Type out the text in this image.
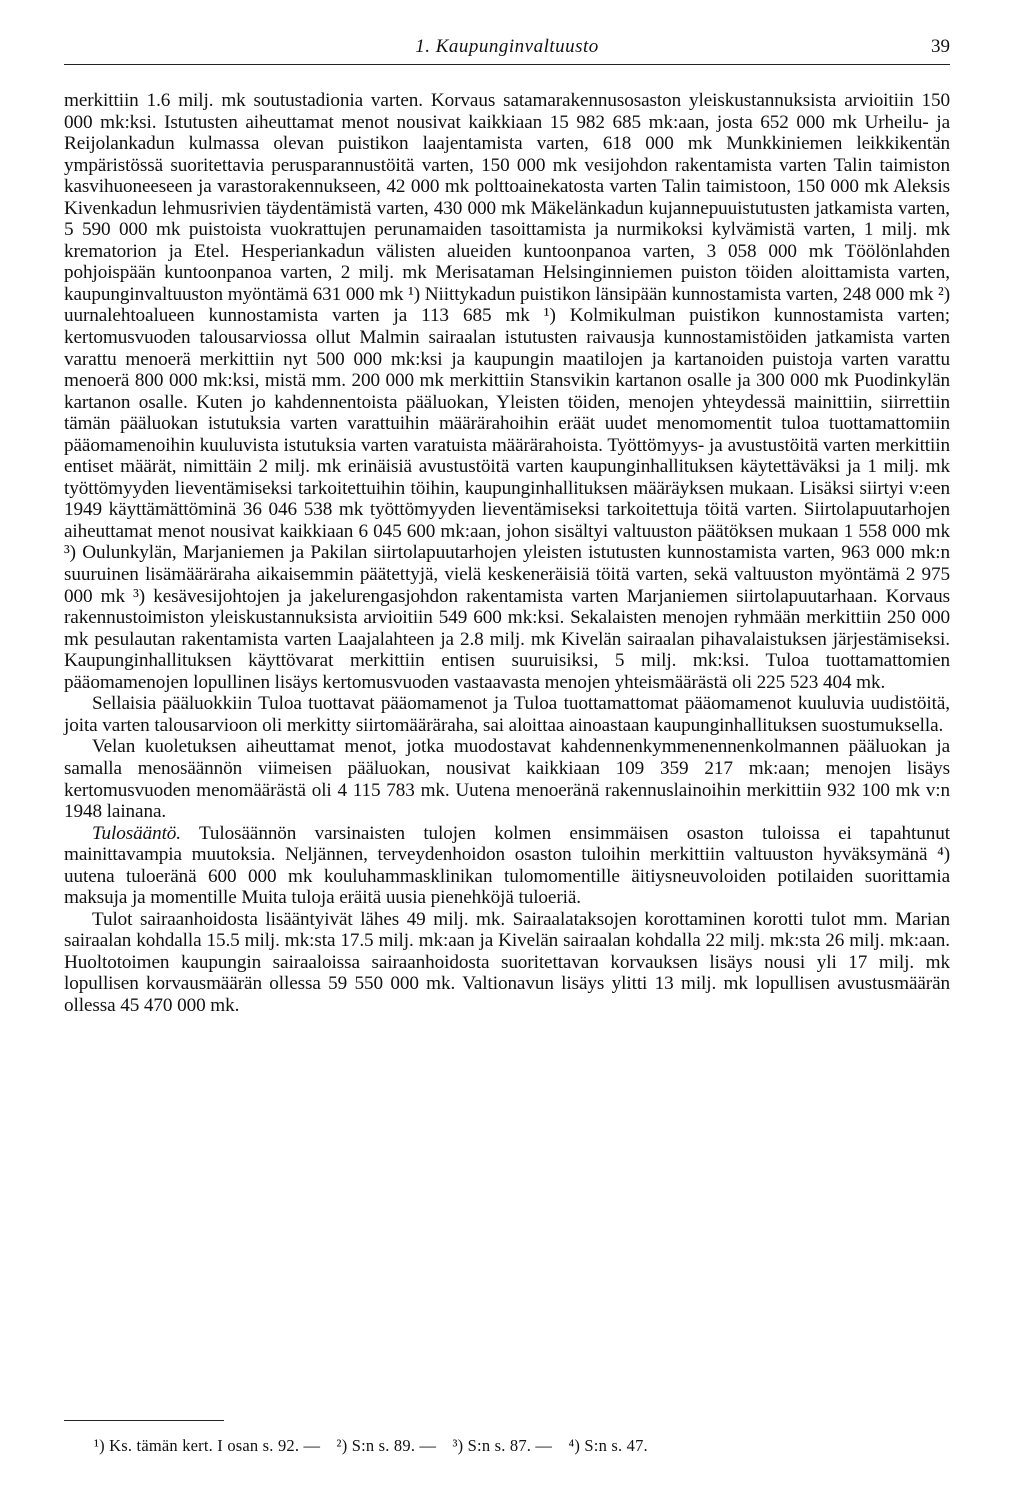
1. Kaupunginvaltuusto	39

merkittiin 1.6 milj. mk soutustadionia varten. Korvaus satamarakennusosaston yleiskustannuksista arvioitiin 150 000 mk:ksi. Istutusten aiheuttamat menot nousivat kaikkiaan 15 982 685 mk:aan, josta 652 000 mk Urheilu- ja Reijolankadun kulmassa olevan puistikon laajentamista varten, 618 000 mk Munkkiniemen leikkikentän ympäristössä suoritettavia perusparannustöitä varten, 150 000 mk vesijohdon rakentamista varten Talin taimiston kasvihuoneeseen ja varastorakennukseen, 42 000 mk polttoainekatosta varten Talin taimistoon, 150 000 mk Aleksis Kivenkadun lehmusrivien täydentämistä varten, 430 000 mk Mäkelänkadun kujannepuuistutusten jatkamista varten, 5 590 000 mk puistoista vuokrattujen perunamaiden tasoittamista ja nurmikoksi kylvämistä varten, 1 milj. mk krematorion ja Etel. Hesperiankadun välisten alueiden kuntoonpanoa varten, 3 058 000 mk Töölönlahden pohjoispään kuntoonpanoa varten, 2 milj. mk Merisataman Helsinginniemen puiston töiden aloittamista varten, kaupunginvaltuuston myöntämä 631 000 mk ¹) Niittykadun puistikon länsipään kunnostamista varten, 248 000 mk ²) uurnalehtoalueen kunnostamista varten ja 113 685 mk ¹) Kolmikulman puistikon kunnostamista varten; kertomusvuoden talousarviossa ollut Malmin sairaalan istutusten raivausja kunnostamistöiden jatkamista varten varattu menoerä merkittiin nyt 500 000 mk:ksi ja kaupungin maatilojen ja kartanoiden puistoja varten varattu menoerä 800 000 mk:ksi, mistä mm. 200 000 mk merkittiin Stansvikin kartanon osalle ja 300 000 mk Puodinkylän kartanon osalle. Kuten jo kahdennentoista pääluokan, Yleisten töiden, menojen yhteydessä mainittiin, siirrettiin tämän pääluokan istutuksia varten varattuihin määrärahoihin eräät uudet menomomentit tuloa tuottamattomiin pääomamenoihin kuuluvista istutuksia varten varatuista määrärahoista. Työttömyys- ja avustustöitä varten merkittiin entiset määrät, nimittäin 2 milj. mk erinäisiä avustustöitä varten kaupunginhallituksen käytettäväksi ja 1 milj. mk työttömyyden lieventämiseksi tarkoitettuihin töihin, kaupunginhallituksen määräyksen mukaan. Lisäksi siirtyi v:een 1949 käyttämättöminä 36 046 538 mk työttömyyden lieventämiseksi tarkoitettuja töitä varten. Siirtolapuutarhojen aiheuttamat menot nousivat kaikkiaan 6 045 600 mk:aan, johon sisältyi valtuuston päätöksen mukaan 1 558 000 mk ³) Oulunkylän, Marjaniemen ja Pakilan siirtolapuutarhojen yleisten istutusten kunnostamista varten, 963 000 mk:n suuruinen lisämääräraha aikaisemmin päätettyjä, vielä keskeneräisiä töitä varten, sekä valtuuston myöntämä 2 975 000 mk ³) kesävesijohtojen ja jakelurengasjohdon rakentamista varten Marjaniemen siirtolapuutarhaan. Korvaus rakennustoimiston yleiskustannuksista arvioitiin 549 600 mk:ksi. Sekalaisten menojen ryhmään merkittiin 250 000 mk pesulautan rakentamista varten Laajalahteen ja 2.8 milj. mk Kivelän sairaalan pihavalaistuksen järjestämiseksi. Kaupunginhallituksen käyttövarat merkittiin entisen suuruisiksi, 5 milj. mk:ksi. Tuloa tuottamattomien pääomamenojen lopullinen lisäys kertomusvuoden vastaavasta menojen yhteismäärästä oli 225 523 404 mk.

Sellaisia pääluokkiin Tuloa tuottavat pääomamenot ja Tuloa tuottamattomat pääomamenot kuuluvia uudistöitä, joita varten talousarvioon oli merkitty siirtomääräraha, sai aloittaa ainoastaan kaupunginhallituksen suostumuksella.

Velan kuoletuksen aiheuttamat menot, jotka muodostavat kahdennenkymmenennenkolmannen pääluokan ja samalla menosäännön viimeisen pääluokan, nousivat kaikkiaan 109 359 217 mk:aan; menojen lisäys kertomusvuoden menomäärästä oli 4 115 783 mk. Uutena menoeränä rakennuslainoihin merkittiin 932 100 mk v:n 1948 lainana.

Tulosääntö. Tulosäännön varsinaisten tulojen kolmen ensimmäisen osaston tuloissa ei tapahtunut mainittavampia muutoksia. Neljännen, terveydenhoidon osaston tuloihin merkittiin valtuuston hyväksymänä ⁴) uutena tuloeränä 600 000 mk kouluhammasklinikan tulomomentille äitiysneuvoloiden potilaiden suorittamia maksuja ja momentille Muita tuloja eräitä uusia pienehköjä tuloeriä.

Tulot sairaanhoidosta lisääntyivät lähes 49 milj. mk. Sairaalataksojen korottaminen korotti tulot mm. Marian sairaalan kohdalla 15.5 milj. mk:sta 17.5 milj. mk:aan ja Kivelän sairaalan kohdalla 22 milj. mk:sta 26 milj. mk:aan. Huoltotoimen kaupungin sairaaloissa sairaanhoidosta suoritettavan korvauksen lisäys nousi yli 17 milj. mk lopullisen korvausmäärän ollessa 59 550 000 mk. Valtionavun lisäys ylitti 13 milj. mk lopullisen avustusmäärän ollessa 45 470 000 mk.

¹) Ks. tämän kert. I osan s. 92. — ²) S:n s. 89. — ³) S:n s. 87. — ⁴) S:n s. 47.
